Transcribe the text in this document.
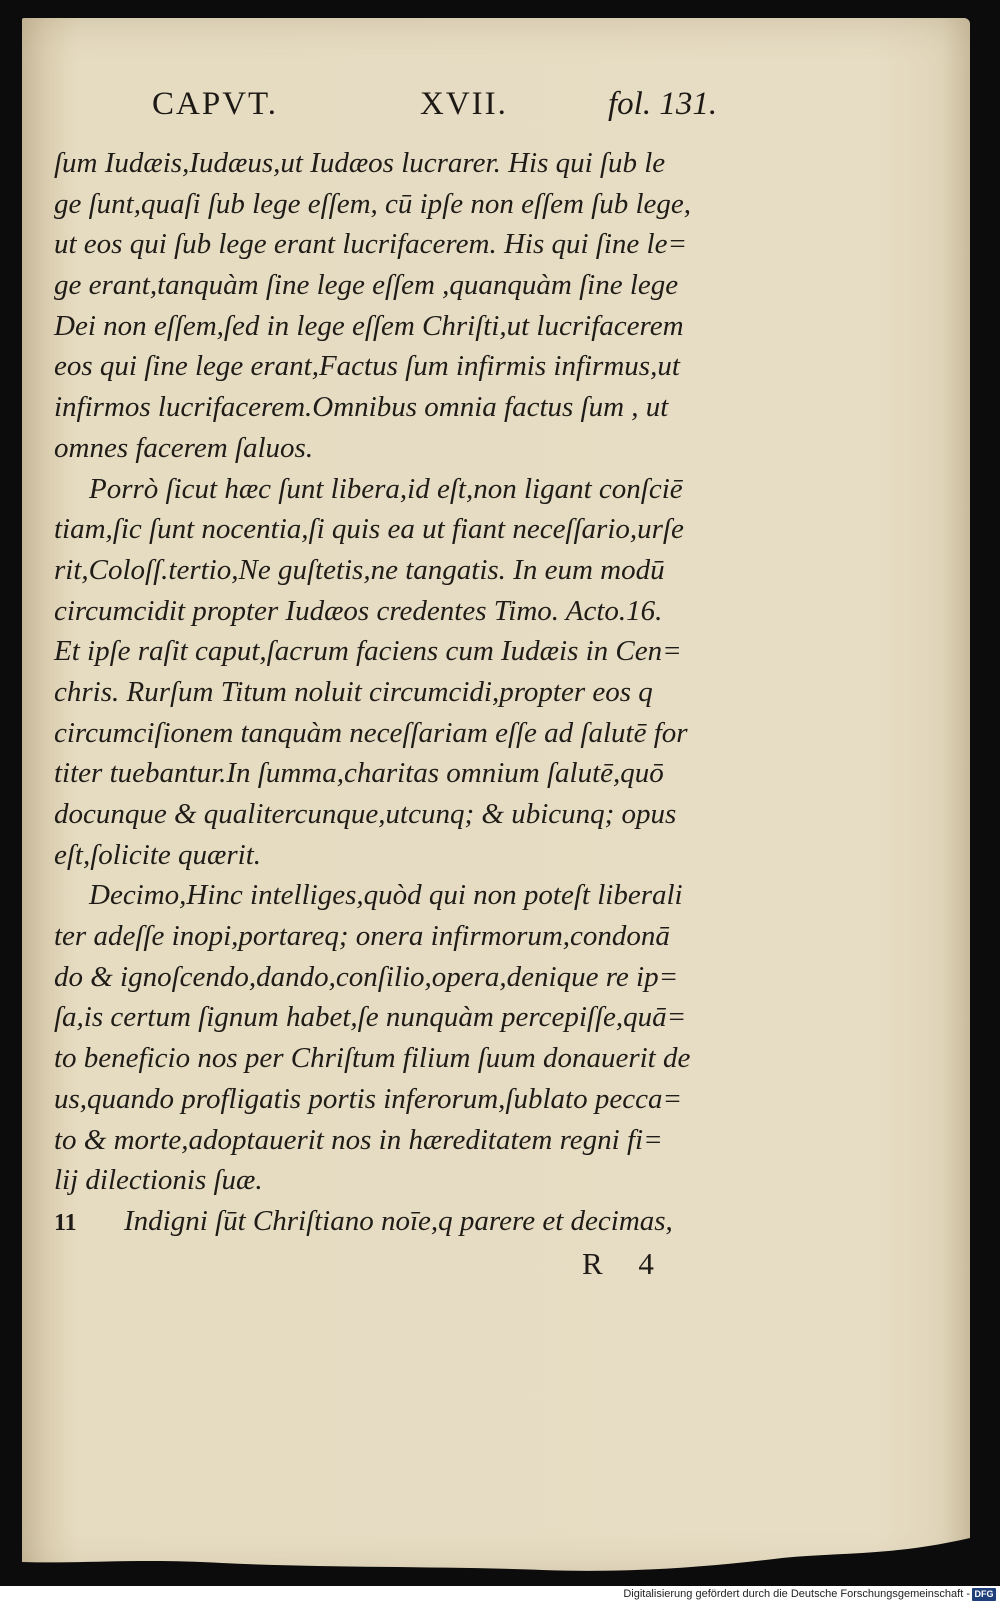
CAPVT.	XVII.	fol. 131.
ſum Iudæis,Iudæus,ut Iudæos lucrarer. His qui ſub le
ge ſunt,quaſi ſub lege eſſem, cū ipſe non eſſem ſub lege,
ut eos qui ſub lege erant lucrifacerem. His qui ſine le=
ge erant,tanquàm ſine lege eſſem ,quanquàm ſine lege
Dei non eſſem,ſed in lege eſſem Chriſti,ut lucrifacerem
eos qui ſine lege erant,Factus ſum infirmis infirmus,ut
infirmos lucrifacerem.Omnibus omnia factus ſum , ut
omnes facerem ſaluos.
Porrò ſicut hæc ſunt libera,id eſt,non ligant conſciē
tiam,ſic ſunt nocentia,ſi quis ea ut fiant neceſſario,urſe
rit,Coloſſ.tertio,Ne guſtetis,ne tangatis. In eum modū
circumcidit propter Iudæos credentes Timo. Acto.16.
Et ipſe raſit caput,ſacrum faciens cum Iudæis in Cen=
chris. Rurſum Titum noluit circumcidi,propter eos q
circumciſionem tanquàm neceſſariam eſſe ad ſalutē for
titer tuebantur.In ſumma,charitas omnium ſalutē,quō
docunque & qualitercunque,utcunq; & ubicunq; opus
eſt,ſolicite quærit.
Decimo,Hinc intelliges,quòd qui non poteſt liberali
ter adeſſe inopi,portareq; onera infirmorum,condonā
do & ignoſcendo,dando,conſilio,opera,denique re ip=
ſa,is certum ſignum habet,ſe nunquàm percepiſſe,quā=
to beneficio nos per Chriſtum filium ſuum donauerit de
us,quando profligatis portis inferorum,ſublato pecca=
to & morte,adoptauerit nos in hæreditatem regni fi=
lij dilectionis ſuæ.
11 Indigni ſūt Chriſtiano noīe,q parere et decimas,
R 4
Digitalisierung gefördert durch die Deutsche Forschungsgemeinschaft - DFG
